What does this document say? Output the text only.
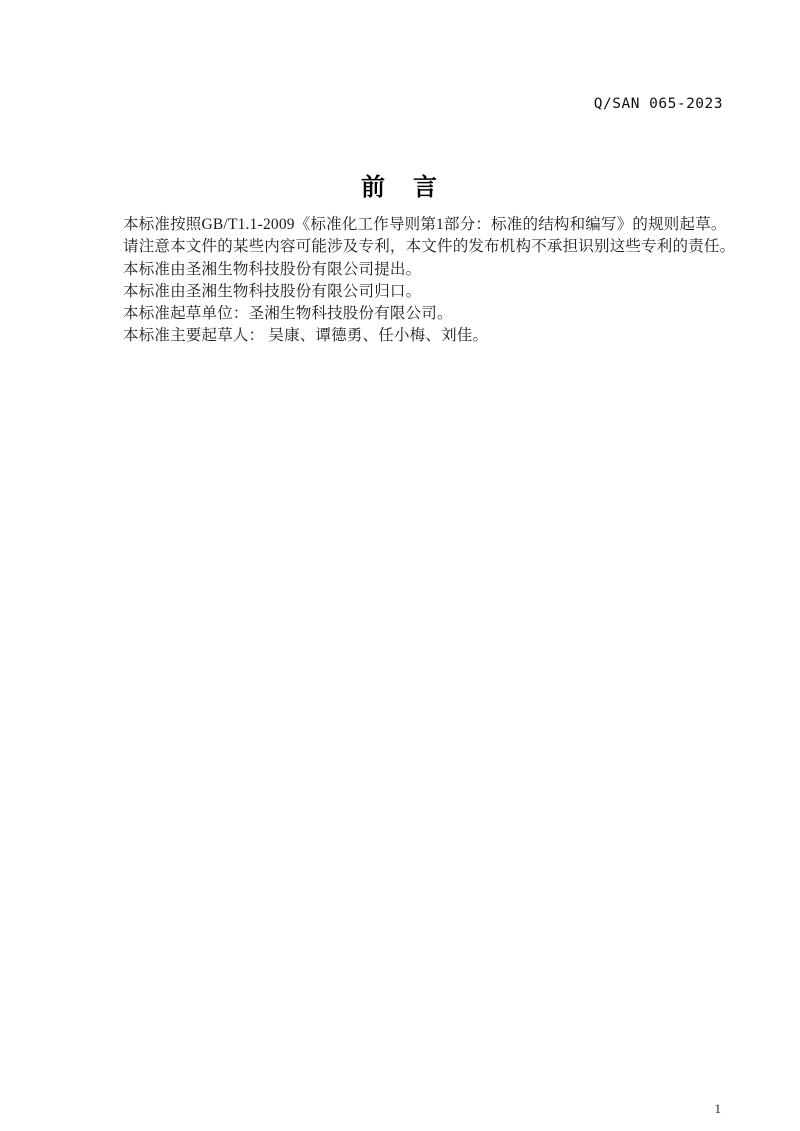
Q/SAN 065-2023
前　言

本标准按照GB/T1.1-2009《标准化工作导则第1部分：标准的结构和编写》的规则起草。

请注意本文件的某些内容可能涉及专利，本文件的发布机构不承担识别这些专利的责任。

本标准由圣湘生物科技股份有限公司提出。

本标准由圣湘生物科技股份有限公司归口。

本标准起草单位：圣湘生物科技股份有限公司。

本标准主要起草人： 吴康、谭德勇、任小梅、刘佳。

1
